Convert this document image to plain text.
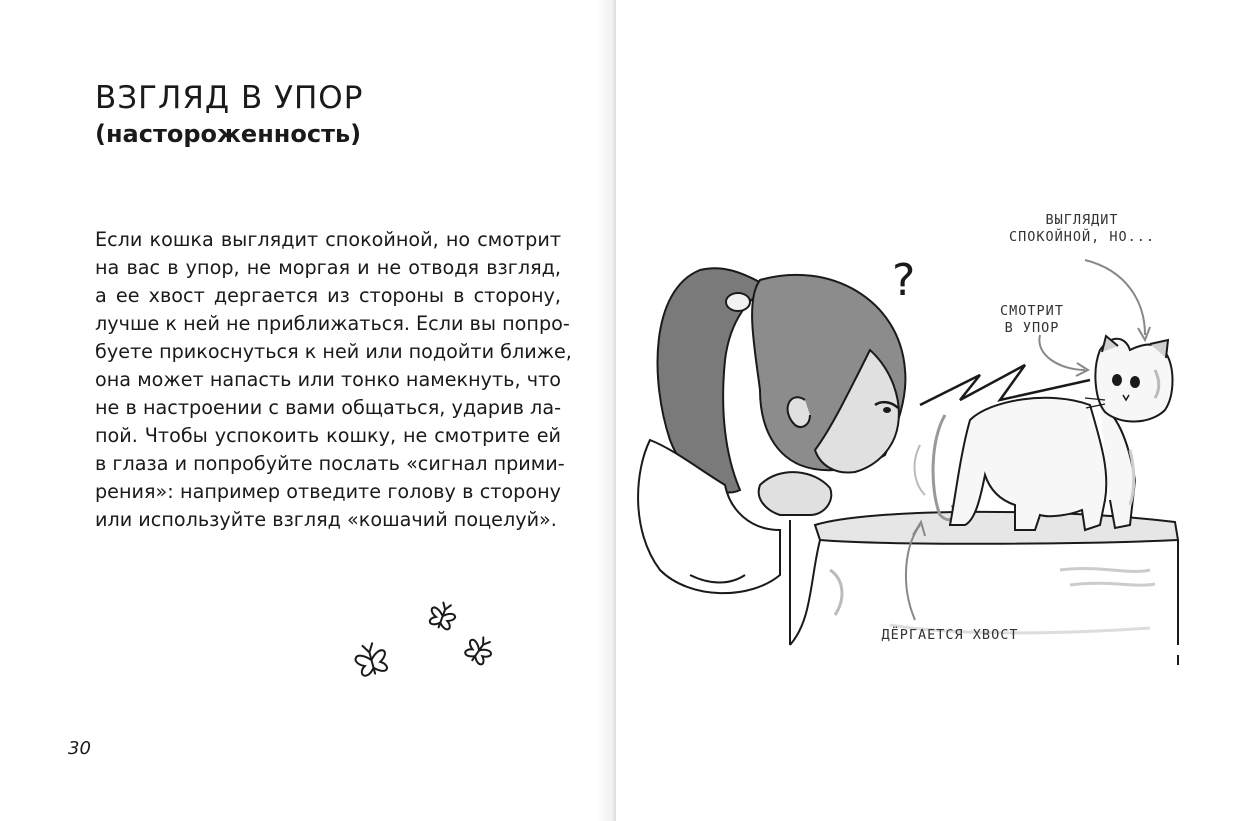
ВЗГЛЯД В УПОР
(настороженность)

Если кошка выглядит спокойной, но смотрит
на вас в упор, не моргая и не отводя взгляд,
а ее хвост дергается из стороны в сторону,
лучше к ней не приближаться. Если вы попро-
буете прикоснуться к ней или подойти ближе,
она может напасть или тонко намекнуть, что
не в настроении с вами общаться, ударив ла-
пой. Чтобы успокоить кошку, не смотрите ей
в глаза и попробуйте послать «сигнал прими-
рения»: например отведите голову в сторону
или используйте взгляд «кошачий поцелуй».

30
?
ВЫГЛЯДИТ
СПОКОЙНОЙ, НО...
СМОТРИТ
В УПОР
ДЁРГАЕТСЯ ХВОСТ
